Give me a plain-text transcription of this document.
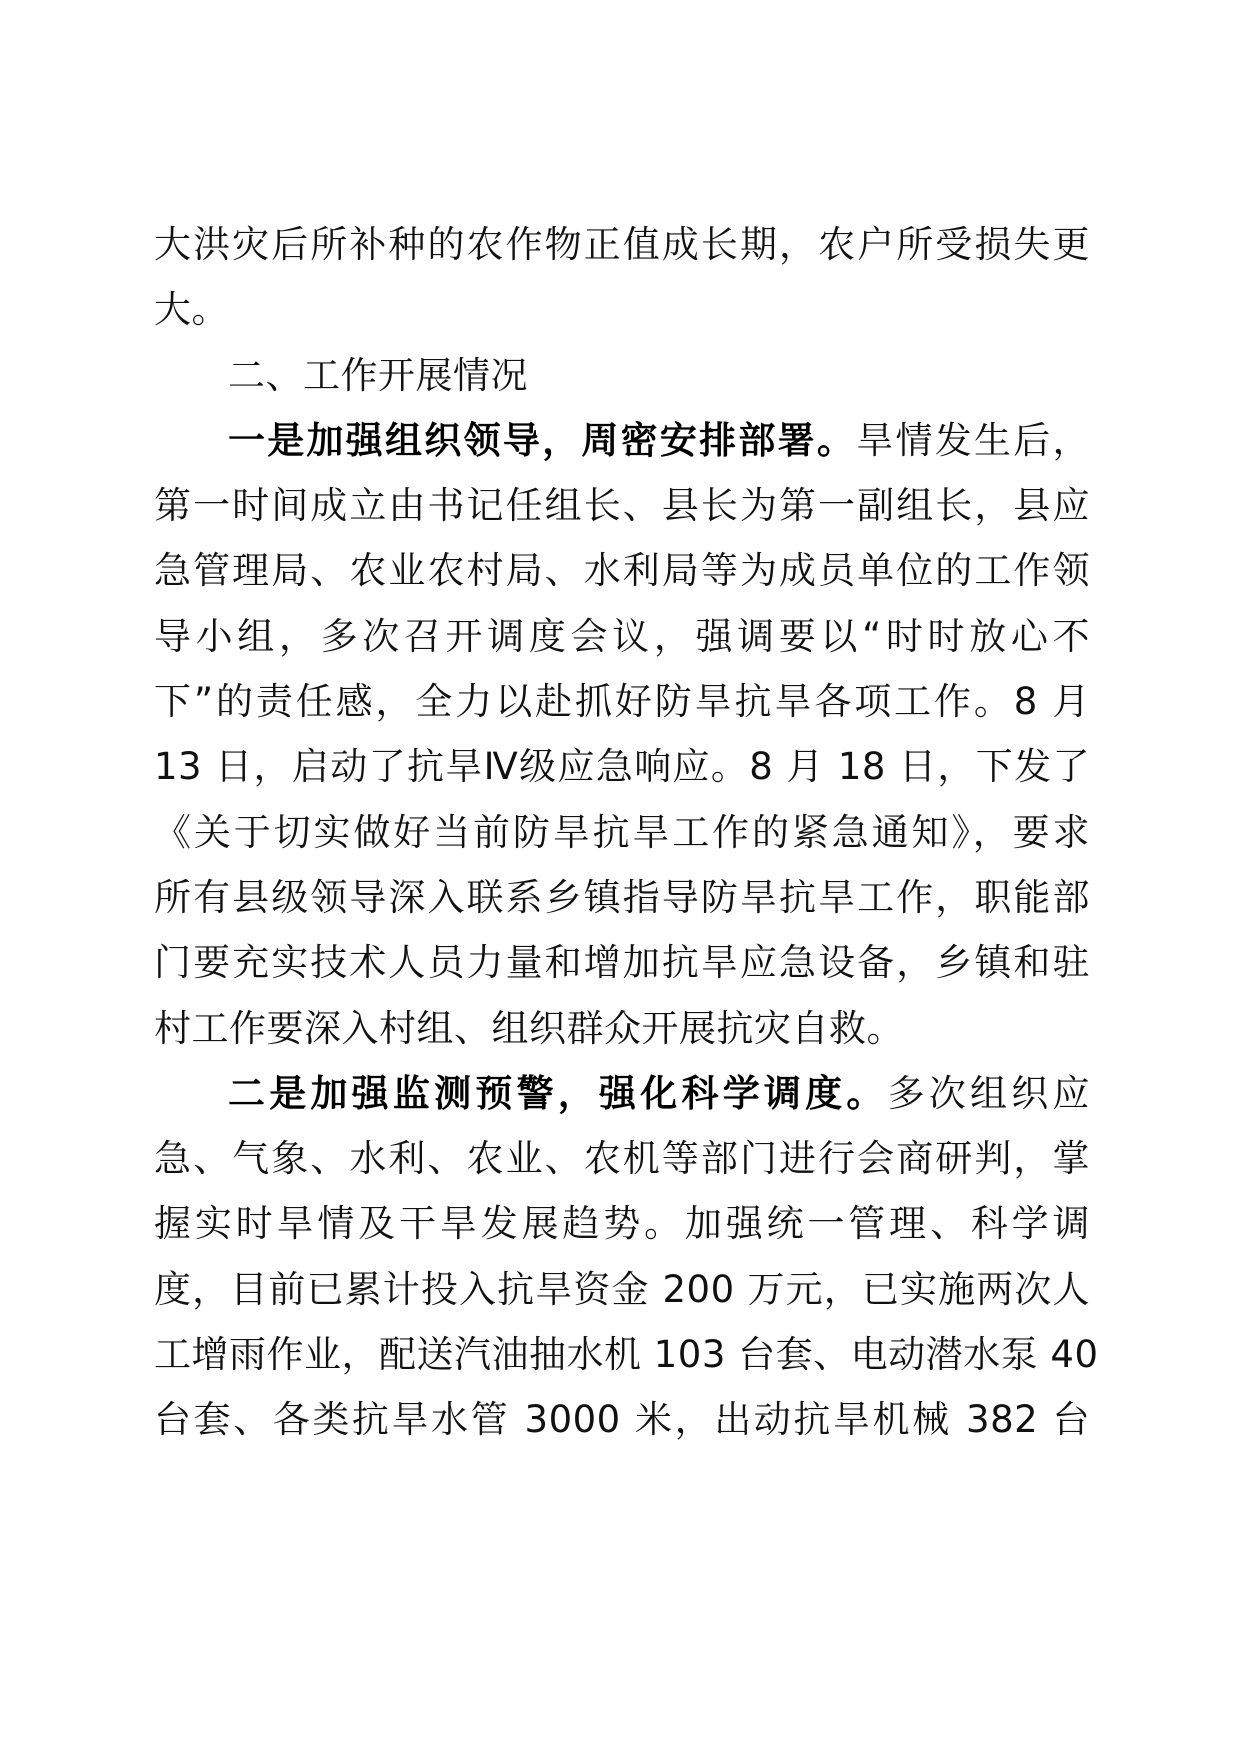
大洪灾后所补种的农作物正值成长期，农户所受损失更
大。
二、工作开展情况
一是加强组织领导，周密安排部署。旱情发生后，
第一时间成立由书记任组长、县长为第一副组长，县应
急管理局、农业农村局、水利局等为成员单位的工作领
导小组，多次召开调度会议，强调要以“时时放心不
下”的责任感，全力以赴抓好防旱抗旱各项工作。8 月
13 日，启动了抗旱Ⅳ级应急响应。8 月 18 日，下发了
《关于切实做好当前防旱抗旱工作的紧急通知》，要求
所有县级领导深入联系乡镇指导防旱抗旱工作，职能部
门要充实技术人员力量和增加抗旱应急设备，乡镇和驻
村工作要深入村组、组织群众开展抗灾自救。
二是加强监测预警，强化科学调度。多次组织应
急、气象、水利、农业、农机等部门进行会商研判，掌
握实时旱情及干旱发展趋势。加强统一管理、科学调
度，目前已累计投入抗旱资金 200 万元，已实施两次人
工增雨作业，配送汽油抽水机 103 台套、电动潜水泵 40
台套、各类抗旱水管 3000 米，出动抗旱机械 382 台
